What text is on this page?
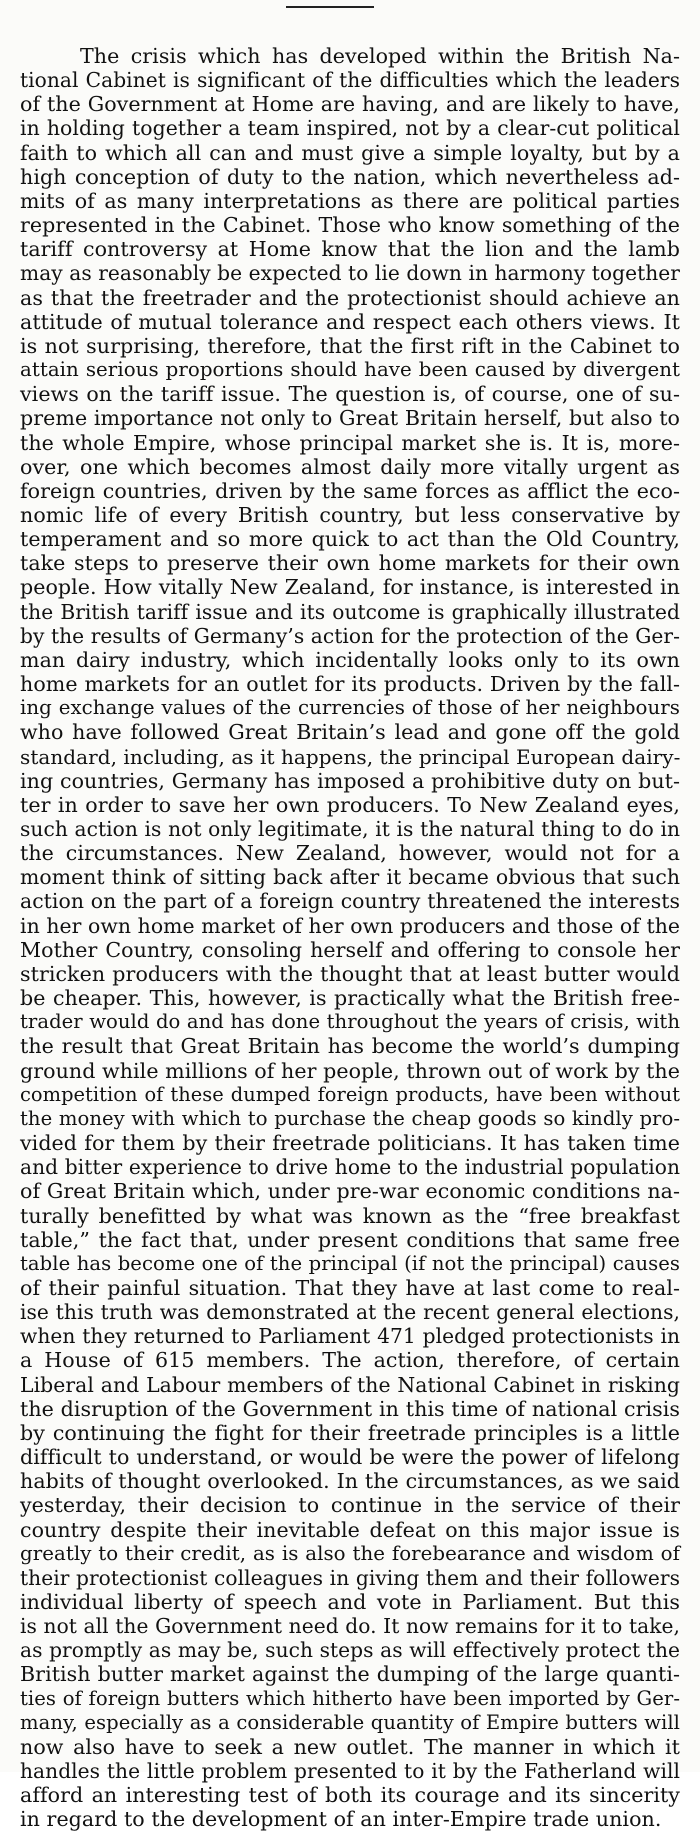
The crisis which has developed within the British Na-
tional Cabinet is significant of the difficulties which the leaders
of the Government at Home are having, and are likely to have,
in holding together a team inspired, not by a clear-cut political
faith to which all can and must give a simple loyalty, but by a
high conception of duty to the nation, which nevertheless ad-
mits of as many interpretations as there are political parties
represented in the Cabinet. Those who know something of the
tariff controversy at Home know that the lion and the lamb
may as reasonably be expected to lie down in harmony together
as that the freetrader and the protectionist should achieve an
attitude of mutual tolerance and respect each others views. It
is not surprising, therefore, that the first rift in the Cabinet to
attain serious proportions should have been caused by divergent
views on the tariff issue. The question is, of course, one of su-
preme importance not only to Great Britain herself, but also to
the whole Empire, whose principal market she is. It is, more-
over, one which becomes almost daily more vitally urgent as
foreign countries, driven by the same forces as afflict the eco-
nomic life of every British country, but less conservative by
temperament and so more quick to act than the Old Country,
take steps to preserve their own home markets for their own
people. How vitally New Zealand, for instance, is interested in
the British tariff issue and its outcome is graphically illustrated
by the results of Germany’s action for the protection of the Ger-
man dairy industry, which incidentally looks only to its own
home markets for an outlet for its products. Driven by the fall-
ing exchange values of the currencies of those of her neighbours
who have followed Great Britain’s lead and gone off the gold
standard, including, as it happens, the principal European dairy-
ing countries, Germany has imposed a prohibitive duty on but-
ter in order to save her own producers. To New Zealand eyes,
such action is not only legitimate, it is the natural thing to do in
the circumstances. New Zealand, however, would not for a
moment think of sitting back after it became obvious that such
action on the part of a foreign country threatened the interests
in her own home market of her own producers and those of the
Mother Country, consoling herself and offering to console her
stricken producers with the thought that at least butter would
be cheaper. This, however, is practically what the British free-
trader would do and has done throughout the years of crisis, with
the result that Great Britain has become the world’s dumping
ground while millions of her people, thrown out of work by the
competition of these dumped foreign products, have been without
the money with which to purchase the cheap goods so kindly pro-
vided for them by their freetrade politicians. It has taken time
and bitter experience to drive home to the industrial population
of Great Britain which, under pre-war economic conditions na-
turally benefitted by what was known as the “free breakfast
table,” the fact that, under present conditions that same free
table has become one of the principal (if not the principal) causes
of their painful situation. That they have at last come to real-
ise this truth was demonstrated at the recent general elections,
when they returned to Parliament 471 pledged protectionists in
a House of 615 members. The action, therefore, of certain
Liberal and Labour members of the National Cabinet in risking
the disruption of the Government in this time of national crisis
by continuing the fight for their freetrade principles is a little
difficult to understand, or would be were the power of lifelong
habits of thought overlooked. In the circumstances, as we said
yesterday, their decision to continue in the service of their
country despite their inevitable defeat on this major issue is
greatly to their credit, as is also the forebearance and wisdom of
their protectionist colleagues in giving them and their followers
individual liberty of speech and vote in Parliament. But this
is not all the Government need do. It now remains for it to take,
as promptly as may be, such steps as will effectively protect the
British butter market against the dumping of the large quanti-
ties of foreign butters which hitherto have been imported by Ger-
many, especially as a considerable quantity of Empire butters will
now also have to seek a new outlet. The manner in which it
handles the little problem presented to it by the Fatherland will
afford an interesting test of both its courage and its sincerity
in regard to the development of an inter-Empire trade union.
